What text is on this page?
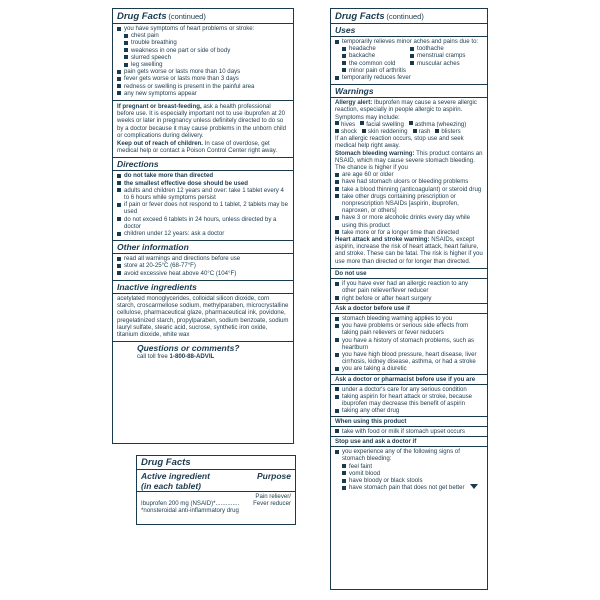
Drug Facts (continued)
you have symptoms of heart problems or stroke:
chest pain
trouble breathing
weakness in one part or side of body
slurred speech
leg swelling
pain gets worse or lasts more than 10 days
fever gets worse or lasts more than 3 days
redness or swelling is present in the painful area
any new symptoms appear
If pregnant or breast-feeding, ask a health professional before use. It is especially important not to use ibuprofen at 20 weeks or later in pregnancy unless definitely directed to do so by a doctor because it may cause problems in the unborn child or complications during delivery.
Keep out of reach of children. In case of overdose, get medical help or contact a Poison Control Center right away.
Directions
do not take more than directed
the smallest effective dose should be used
adults and children 12 years and over: take 1 tablet every 4 to 6 hours while symptoms persist
if pain or fever does not respond to 1 tablet, 2 tablets may be used
do not exceed 6 tablets in 24 hours, unless directed by a doctor
children under 12 years: ask a doctor
Other information
read all warnings and directions before use
store at 20-25°C (68-77°F)
avoid excessive heat above 40°C (104°F)
Inactive ingredients
acetylated monoglycerides, colloidal silicon dioxide, corn starch, croscarmellose sodium, methylparaben, microcrystalline cellulose, pharmaceutical glaze, pharmaceutical ink, povidone, pregelatinized starch, propylparaben, sodium benzoate, sodium lauryl sulfate, stearic acid, sucrose, synthetic iron oxide, titanium dioxide, white wax
Questions or comments?
call toll free 1-800-88-ADVIL
Drug Facts
Active ingredient
(in each tablet)
Purpose
Ibuprofen 200 mg (NSAID)*..............
Pain reliever/ Fever reducer
*nonsteroidal anti-inflammatory drug
Drug Facts (continued)
Uses
temporarily relieves minor aches and pains due to:
headache	toothache
backache	menstrual cramps
the common cold	muscular aches
minor pain of arthritis
temporarily reduces fever
Warnings
Allergy alert: Ibuprofen may cause a severe allergic reaction, especially in people allergic to aspirin. Symptoms may include:
hives	facial swelling	asthma (wheezing)
shock	skin reddening	rash	blisters
If an allergic reaction occurs, stop use and seek medical help right away.
Stomach bleeding warning: This product contains an NSAID, which may cause severe stomach bleeding. The chance is higher if you
are age 60 or older
have had stomach ulcers or bleeding problems
take a blood thinning (anticoagulant) or steroid drug
take other drugs containing prescription or nonprescription NSAIDs [aspirin, ibuprofen, naproxen, or others]
have 3 or more alcoholic drinks every day while using this product
take more or for a longer time than directed
Heart attack and stroke warning: NSAIDs, except aspirin, increase the risk of heart attack, heart failure, and stroke. These can be fatal. The risk is higher if you use more than directed or for longer than directed.
Do not use
if you have ever had an allergic reaction to any other pain reliever/fever reducer
right before or after heart surgery
Ask a doctor before use if
stomach bleeding warning applies to you
you have problems or serious side effects from taking pain relievers or fever reducers
you have a history of stomach problems, such as heartburn
you have high blood pressure, heart disease, liver cirrhosis, kidney disease, asthma, or had a stroke
you are taking a diuretic
Ask a doctor or pharmacist before use if you are
under a doctor's care for any serious condition
taking aspirin for heart attack or stroke, because ibuprofen may decrease this benefit of aspirin
taking any other drug
When using this product
take with food or milk if stomach upset occurs
Stop use and ask a doctor if
you experience any of the following signs of stomach bleeding:
feel faint
vomit blood
have bloody or black stools
have stomach pain that does not get better
